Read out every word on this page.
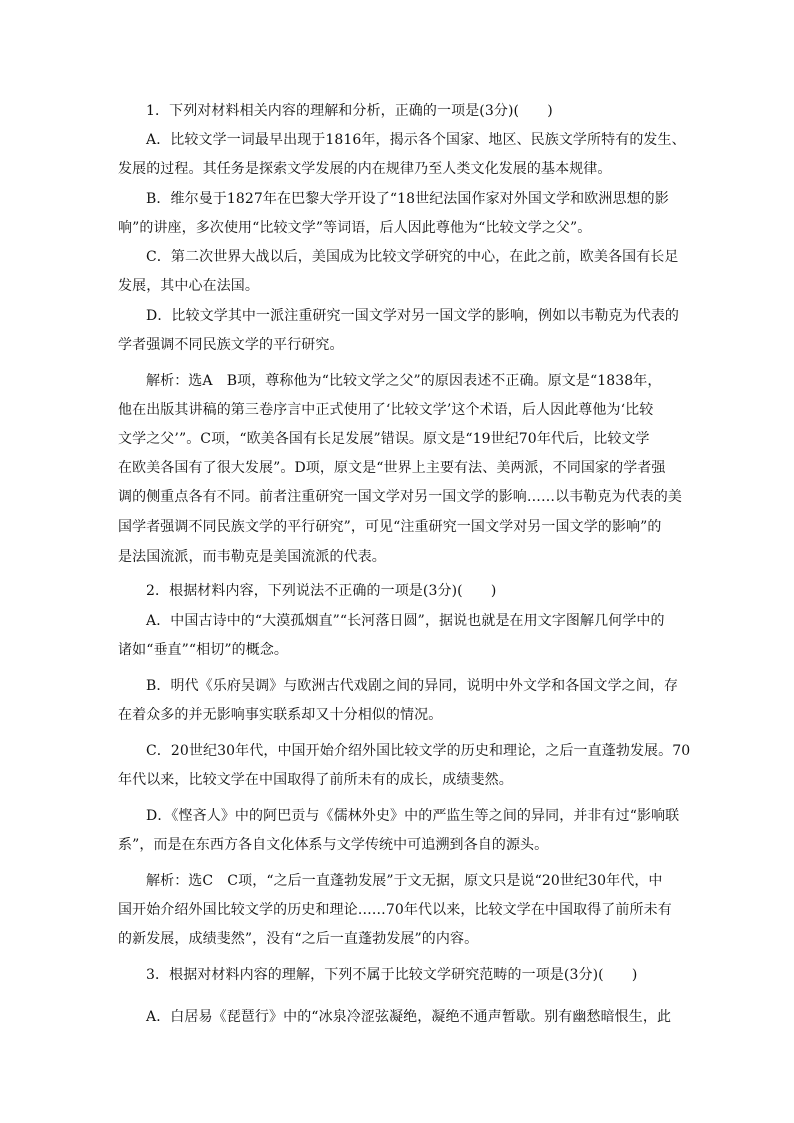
1．下列对材料相关内容的理解和分析，正确的一项是(3分)(　　)
A．比较文学一词最早出现于1816年，揭示各个国家、地区、民族文学所特有的发生、
发展的过程。其任务是探索文学发展的内在规律乃至人类文化发展的基本规律。
B．维尔曼于1827年在巴黎大学开设了“18世纪法国作家对外国文学和欧洲思想的影
响”的讲座，多次使用“比较文学”等词语，后人因此尊他为“比较文学之父”。
C．第二次世界大战以后，美国成为比较文学研究的中心，在此之前，欧美各国有长足
发展，其中心在法国。
D．比较文学其中一派注重研究一国文学对另一国文学的影响，例如以韦勒克为代表的
学者强调不同民族文学的平行研究。
解析：选A　B项，尊称他为“比较文学之父”的原因表述不正确。原文是“1838年，
他在出版其讲稿的第三卷序言中正式使用了‘比较文学’这个术语，后人因此尊他为‘比较
文学之父’”。C项，“欧美各国有长足发展”错误。原文是“19世纪70年代后，比较文学
在欧美各国有了很大发展”。D项，原文是“世界上主要有法、美两派，不同国家的学者强
调的侧重点各有不同。前者注重研究一国文学对另一国文学的影响……以韦勒克为代表的美
国学者强调不同民族文学的平行研究”，可见“注重研究一国文学对另一国文学的影响”的
是法国流派，而韦勒克是美国流派的代表。
2．根据材料内容，下列说法不正确的一项是(3分)(　　)
A．中国古诗中的“大漠孤烟直”“长河落日圆”，据说也就是在用文字图解几何学中的
诸如“垂直”“相切”的概念。
B．明代《乐府吴调》与欧洲古代戏剧之间的异同，说明中外文学和各国文学之间，存
在着众多的并无影响事实联系却又十分相似的情况。
C．20世纪30年代，中国开始介绍外国比较文学的历史和理论，之后一直蓬勃发展。70
年代以来，比较文学在中国取得了前所未有的成长，成绩斐然。
D．《悭吝人》中的阿巴贡与《儒林外史》中的严监生等之间的异同，并非有过“影响联
系”，而是在东西方各自文化体系与文学传统中可追溯到各自的源头。
解析：选C　C项，“之后一直蓬勃发展”于文无据，原文只是说“20世纪30年代，中
国开始介绍外国比较文学的历史和理论……70年代以来，比较文学在中国取得了前所未有
的新发展，成绩斐然”，没有“之后一直蓬勃发展”的内容。
3．根据对材料内容的理解，下列不属于比较文学研究范畴的一项是(3分)(　　)
A．白居易《琵琶行》中的“冰泉冷涩弦凝绝，凝绝不通声暂歇。别有幽愁暗恨生，此
